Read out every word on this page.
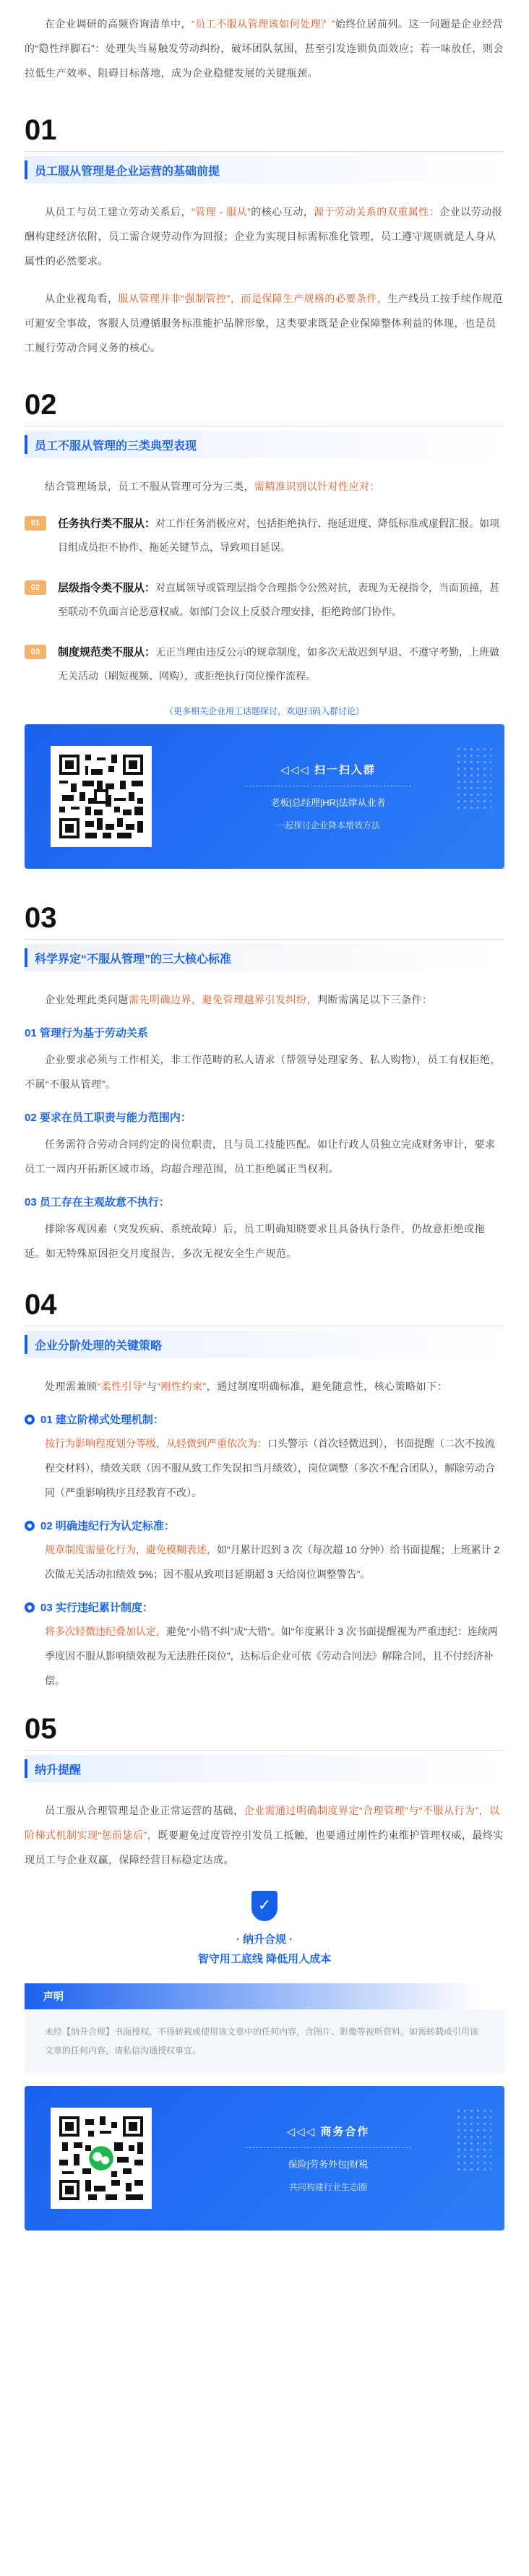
在企业调研的高频咨询清单中，“员工不服从管理该如何处理？”始终位居前列。这一问题是企业经营的“隐性绊脚石”：处理失当易触发劳动纠纷，破坏团队氛围，甚至引发连锁负面效应；若一味放任，则会拉低生产效率、阻碍目标落地，成为企业稳健发展的关键瓶颈。

01
员工服从管理是企业运营的基础前提

从员工与员工建立劳动关系后，“管理 - 服从”的核心互动，源于劳动关系的双重属性：企业以劳动报酬构建经济依附，员工需合规劳动作为回报；企业为实现目标需标准化管理，员工遵守规则就是人身从属性的必然要求。

从企业视角看，服从管理并非“强制管控”，而是保障生产规格的必要条件，生产线员工按手续作规范可避安全事故，客服人员遵循服务标准能护品牌形象，这类要求既是企业保障整体利益的体现，也是员工履行劳动合同义务的核心。

02
员工不服从管理的三类典型表现

结合管理场景，员工不服从管理可分为三类，需精准识别以针对性应对：

01	任务执行类不服从：对工作任务消极应对，包括拒绝执行、拖延进度、降低标准或虚假汇报。如项目组成员拒不协作、拖延关键节点，导致项目延误。
02	层级指令类不服从：对直属领导或管理层指令合理指令公然对抗，表现为无视指令，当面顶撞，甚至联动不负面言论恶意权威。如部门会议上反驳合理安排，拒绝跨部门协作。
03	制度规范类不服从：无正当理由违反公示的规章制度，如多次无故迟到早退、不遵守考勤，上班做无关活动（刷短视频、网购），或拒绝执行岗位操作流程。
（更多相关企业用工话题探讨，欢迎扫码入群讨论）
◁◁◁ 扫一扫入群
老板|总经理|HR|法律从业者
一起探讨企业降本增效方法
03
科学界定“不服从管理”的三大核心标准

企业处理此类问题需先明确边界，避免管理越界引发纠纷，判断需满足以下三条件：

01 管理行为基于劳动关系

企业要求必须与工作相关，非工作范畴的私人请求（帮领导处理家务、私人购物），员工有权拒绝，不属“不服从管理”。

02 要求在员工职责与能力范围内：

任务需符合劳动合同约定的岗位职责，且与员工技能匹配。如让行政人员独立完成财务审计，要求员工一周内开拓新区域市场，均超合理范围，员工拒绝属正当权利。

03 员工存在主观故意不执行：

排除客观因素（突发疾病、系统故障）后，员工明确知晓要求且具备执行条件，仍故意拒绝或拖延。如无特殊原因拒交月度报告，多次无视安全生产规范。

04
企业分阶处理的关键策略

处理需兼顾“柔性引导”与“刚性约束”，通过制度明确标准，避免随意性，核心策略如下：

01 建立阶梯式处理机制：
按行为影响程度划分等级，从轻微到严重依次为：口头警示（首次轻微迟到），书面提醒（二次不按流程交材料），绩效关联（因不服从致工作失误扣当月绩效），岗位调整（多次不配合团队），解除劳动合同（严重影响秩序且经教育不改）。
02 明确违纪行为认定标准：
规章制度需量化行为，避免模糊表述，如“月累计迟到 3 次（每次超 10 分钟）给书面提醒；上班累计 2 次做无关活动扣绩效 5%；因不服从致项目延期超 3 天给岗位调整警告”。
03 实行违纪累计制度：
将多次轻微违纪叠加认定，避免“小错不纠”成“大错”。如“年度累计 3 次书面提醒视为严重违纪：连续两季度因不服从影响绩效视为无法胜任岗位”，达标后企业可依《劳动合同法》解除合同，且不付经济补偿。
05
纳升提醒

员工服从合理管理是企业正常运营的基础，企业需通过明确制度界定“合理管理”与“不服从行为”，以阶梯式机制实现“惩前毖后”，既要避免过度管控引发员工抵触，也要通过刚性约束维护管理权威，最终实现员工与企业双赢，保障经营目标稳定达成。

✓
· 纳升合规 ·
智守用工底线 降低用人成本
声明
未经【纳升合规】书面授权，不得转载或使用该文章中的任何内容，含图片、影像等视听资料。如需转载或引用该文章的任何内容，请私信沟通授权事宜。
◁◁◁ 商务合作
保险|劳务外包|财税
共同构建行业生态圈
